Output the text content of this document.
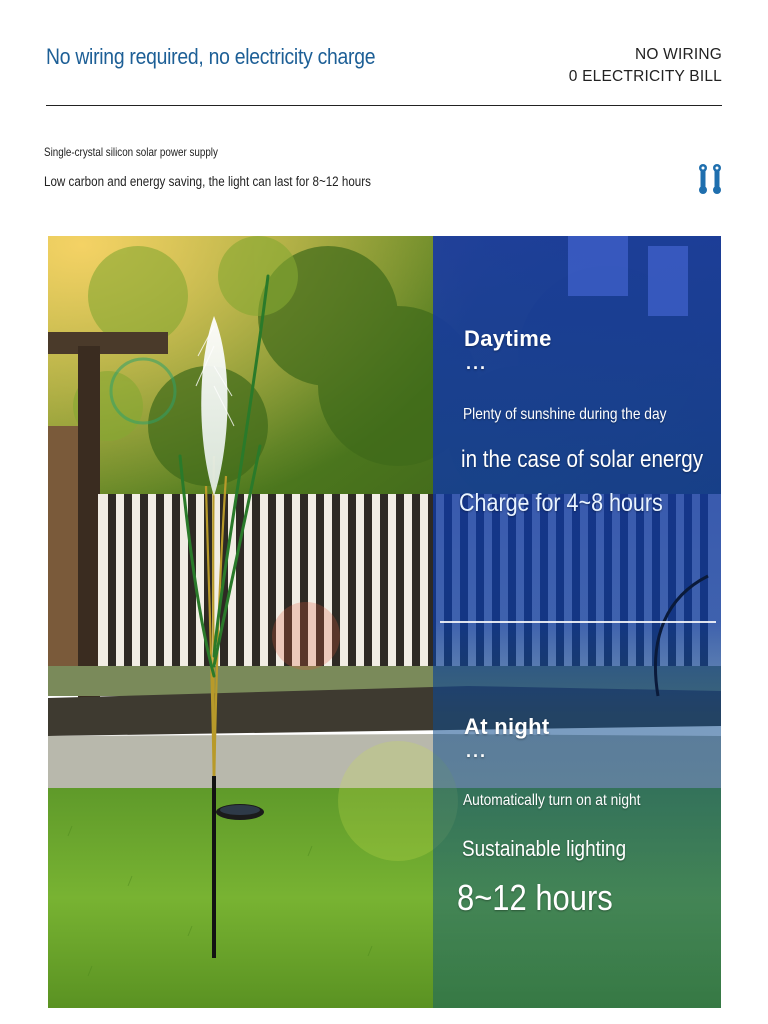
No wiring required, no electricity charge	NO WIRING
0 ELECTRICITY BILL
Single-crystal silicon solar power supply
Low carbon and energy saving, the light can last for 8~12 hours
Daytime
···
Plenty of sunshine during the day
in the case of solar energy
Charge for 4~8 hours
At night
···
Automatically turn on at night
Sustainable lighting
8~12 hours
